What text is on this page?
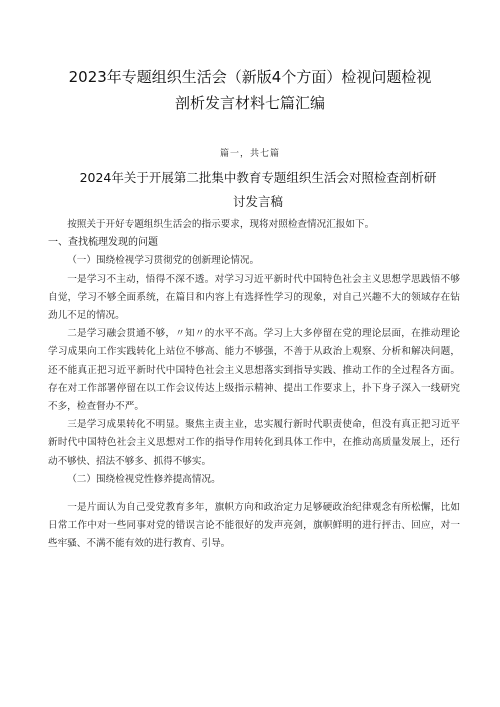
2023年专题组织生活会（新版4个方面）检视问题检视
剖析发言材料七篇汇编
篇一，共七篇
2024年关于开展第二批集中教育专题组织生活会对照检查剖析研
讨发言稿

按照关于开好专题组织生活会的指示要求，现将对照检查情况汇报如下。

一、查找梳理发现的问题

（一）围绕检视学习贯彻党的创新理论情况。

一是学习不主动，悟得不深不透。对学习习近平新时代中国特色社会主义思想学思践悟不够自觉，学习不够全面系统，在篇目和内容上有选择性学习的现象，对自己兴趣不大的领域存在钻劲儿不足的情况。

二是学习融会贯通不够，〃知〃的水平不高。学习上大多停留在党的理论层面，在推动理论学习成果向工作实践转化上站位不够高、能力不够强，不善于从政治上观察、分析和解决问题，还不能真正把习近平新时代中国特色社会主义思想落实到指导实践、推动工作的全过程各方面。存在对工作部署停留在以工作会议传达上级指示精神、提出工作要求上，扑下身子深入一线研究不多，检查督办不严。

三是学习成果转化不明显。聚焦主责主业，忠实履行新时代职责使命，但没有真正把习近平新时代中国特色社会主义思想对工作的指导作用转化到具体工作中，在推动高质量发展上，还行动不够快、招法不够多、抓得不够实。

（二）围绕检视党性修养提高情况。

一是片面认为自己受党教育多年，旗帜方向和政治定力足够硬政治纪律观念有所松懈，比如日常工作中对一些同事对党的错误言论不能很好的发声亮剑，旗帜鲜明的进行抨击、回应，对一些牢骚、不满不能有效的进行教育、引导。
